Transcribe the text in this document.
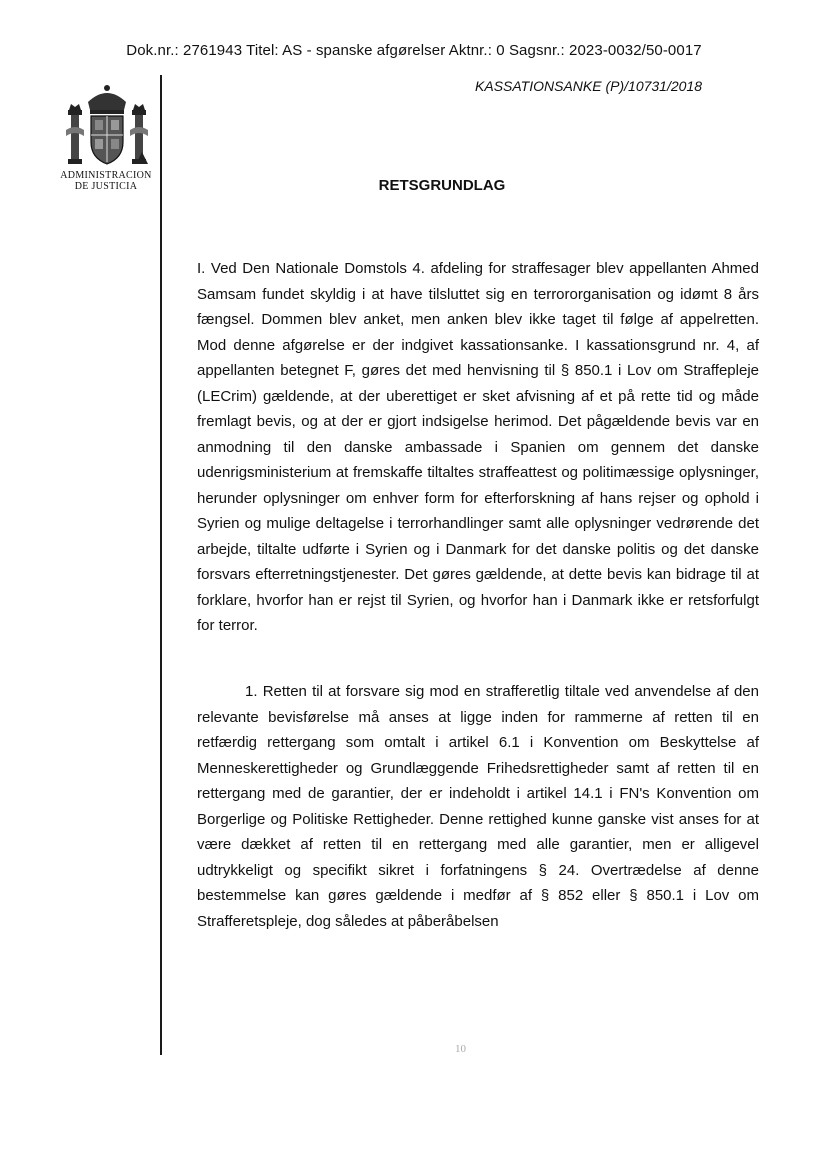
Dok.nr.: 2761943 Titel: AS - spanske afgørelser Aktnr.: 0 Sagsnr.: 2023-0032/50-0017
KASSATIONSANKE (P)/10731/2018
ADMINISTRACION
DE JUSTICIA	RETSGRUNDLAG

I. Ved Den Nationale Domstols 4. afdeling for straffesager blev appellanten Ahmed Samsam fundet skyldig i at have tilsluttet sig en terrororganisation og idømt 8 års fængsel. Dommen blev anket, men anken blev ikke taget til følge af appelretten. Mod denne afgørelse er der indgivet kassationsanke. I kassationsgrund nr. 4, af appellanten betegnet F, gøres det med henvisning til § 850.1 i Lov om Straffepleje (LECrim) gældende, at der uberettiget er sket afvisning af et på rette tid og måde fremlagt bevis, og at der er gjort indsigelse herimod. Det pågældende bevis var en anmodning til den danske ambassade i Spanien om gennem det danske udenrigsministerium at fremskaffe tiltaltes straffeattest og politimæssige oplysninger, herunder oplysninger om enhver form for efterforskning af hans rejser og ophold i Syrien og mulige deltagelse i terrorhandlinger samt alle oplysninger vedrørende det arbejde, tiltalte udførte i Syrien og i Danmark for det danske politis og det danske forsvars efterretningstjenester. Det gøres gældende, at dette bevis kan bidrage til at forklare, hvorfor han er rejst til Syrien, og hvorfor han i Danmark ikke er retsforfulgt for terror.

1. Retten til at forsvare sig mod en strafferetlig tiltale ved anvendelse af den relevante bevisførelse må anses at ligge inden for rammerne af retten til en retfærdig rettergang som omtalt i artikel 6.1 i Konvention om Beskyttelse af Menneskerettigheder og Grundlæggende Frihedsrettigheder samt af retten til en rettergang med de garantier, der er indeholdt i artikel 14.1 i FN's Konvention om Borgerlige og Politiske Rettigheder. Denne rettighed kunne ganske vist anses for at være dækket af retten til en rettergang med alle garantier, men er alligevel udtrykkeligt og specifikt sikret i forfatningens § 24. Overtrædelse af denne bestemmelse kan gøres gældende i medfør af § 852 eller § 850.1 i Lov om Strafferetspleje, dog således at påberåbelsen

10
